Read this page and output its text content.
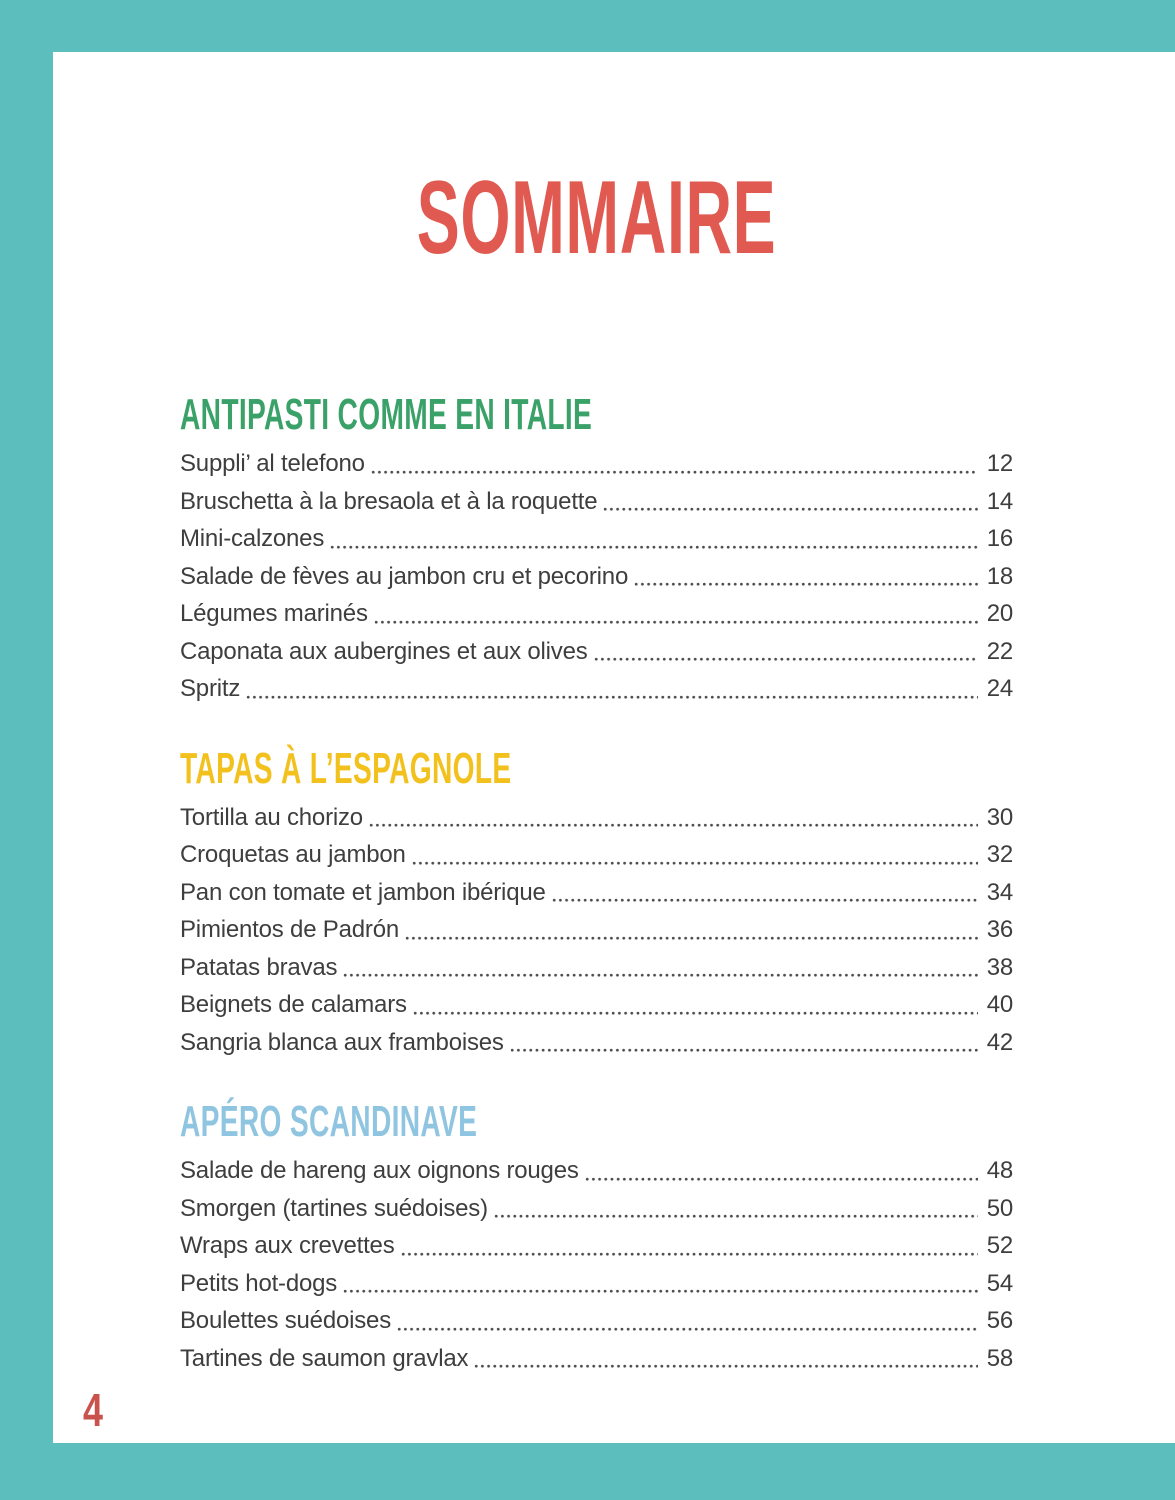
SOMMAIRE
ANTIPASTI COMME EN ITALIE
Suppli’ al telefono	12
Bruschetta à la bresaola et à la roquette	14
Mini-calzones	16
Salade de fèves au jambon cru et pecorino	18
Légumes marinés	20
Caponata aux aubergines et aux olives	22
Spritz	24
TAPAS À L’ESPAGNOLE
Tortilla au chorizo	30
Croquetas au jambon	32
Pan con tomate et jambon ibérique	34
Pimientos de Padrón	36
Patatas bravas	38
Beignets de calamars	40
Sangria blanca aux framboises	42
APÉRO SCANDINAVE
Salade de hareng aux oignons rouges	48
Smorgen (tartines suédoises)	50
Wraps aux crevettes	52
Petits hot-dogs	54
Boulettes suédoises	56
Tartines de saumon gravlax	58
4
